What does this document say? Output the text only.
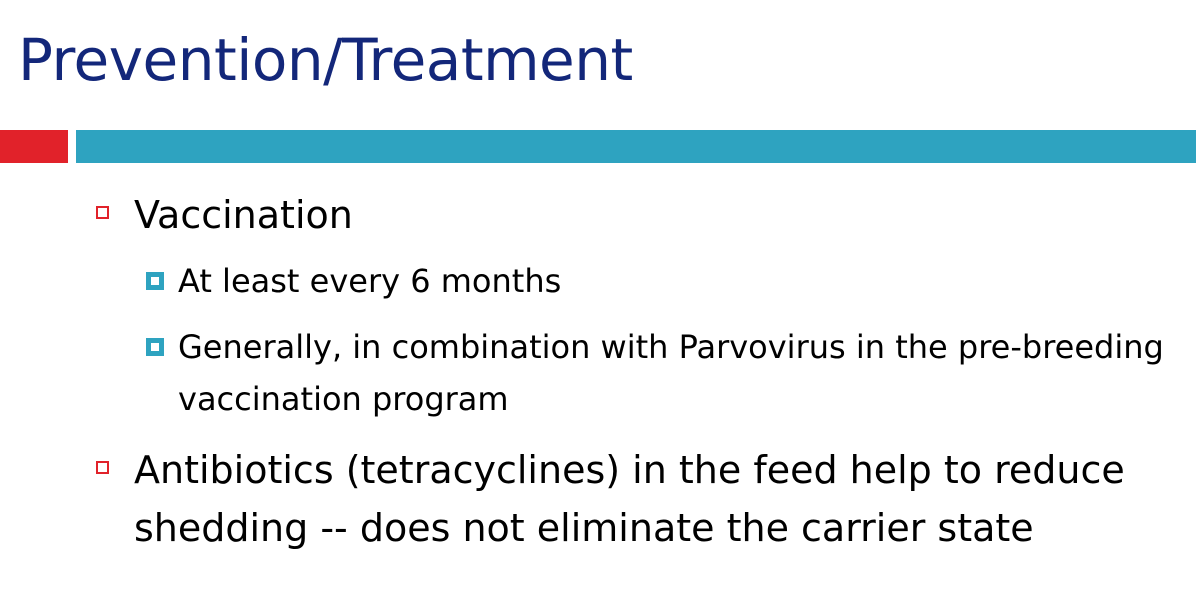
Prevention/Treatment
Vaccination
At least every 6 months
Generally, in combination with Parvovirus in the pre-breeding vaccination program
Antibiotics (tetracyclines) in the feed help to reduce shedding -- does not eliminate the carrier state
